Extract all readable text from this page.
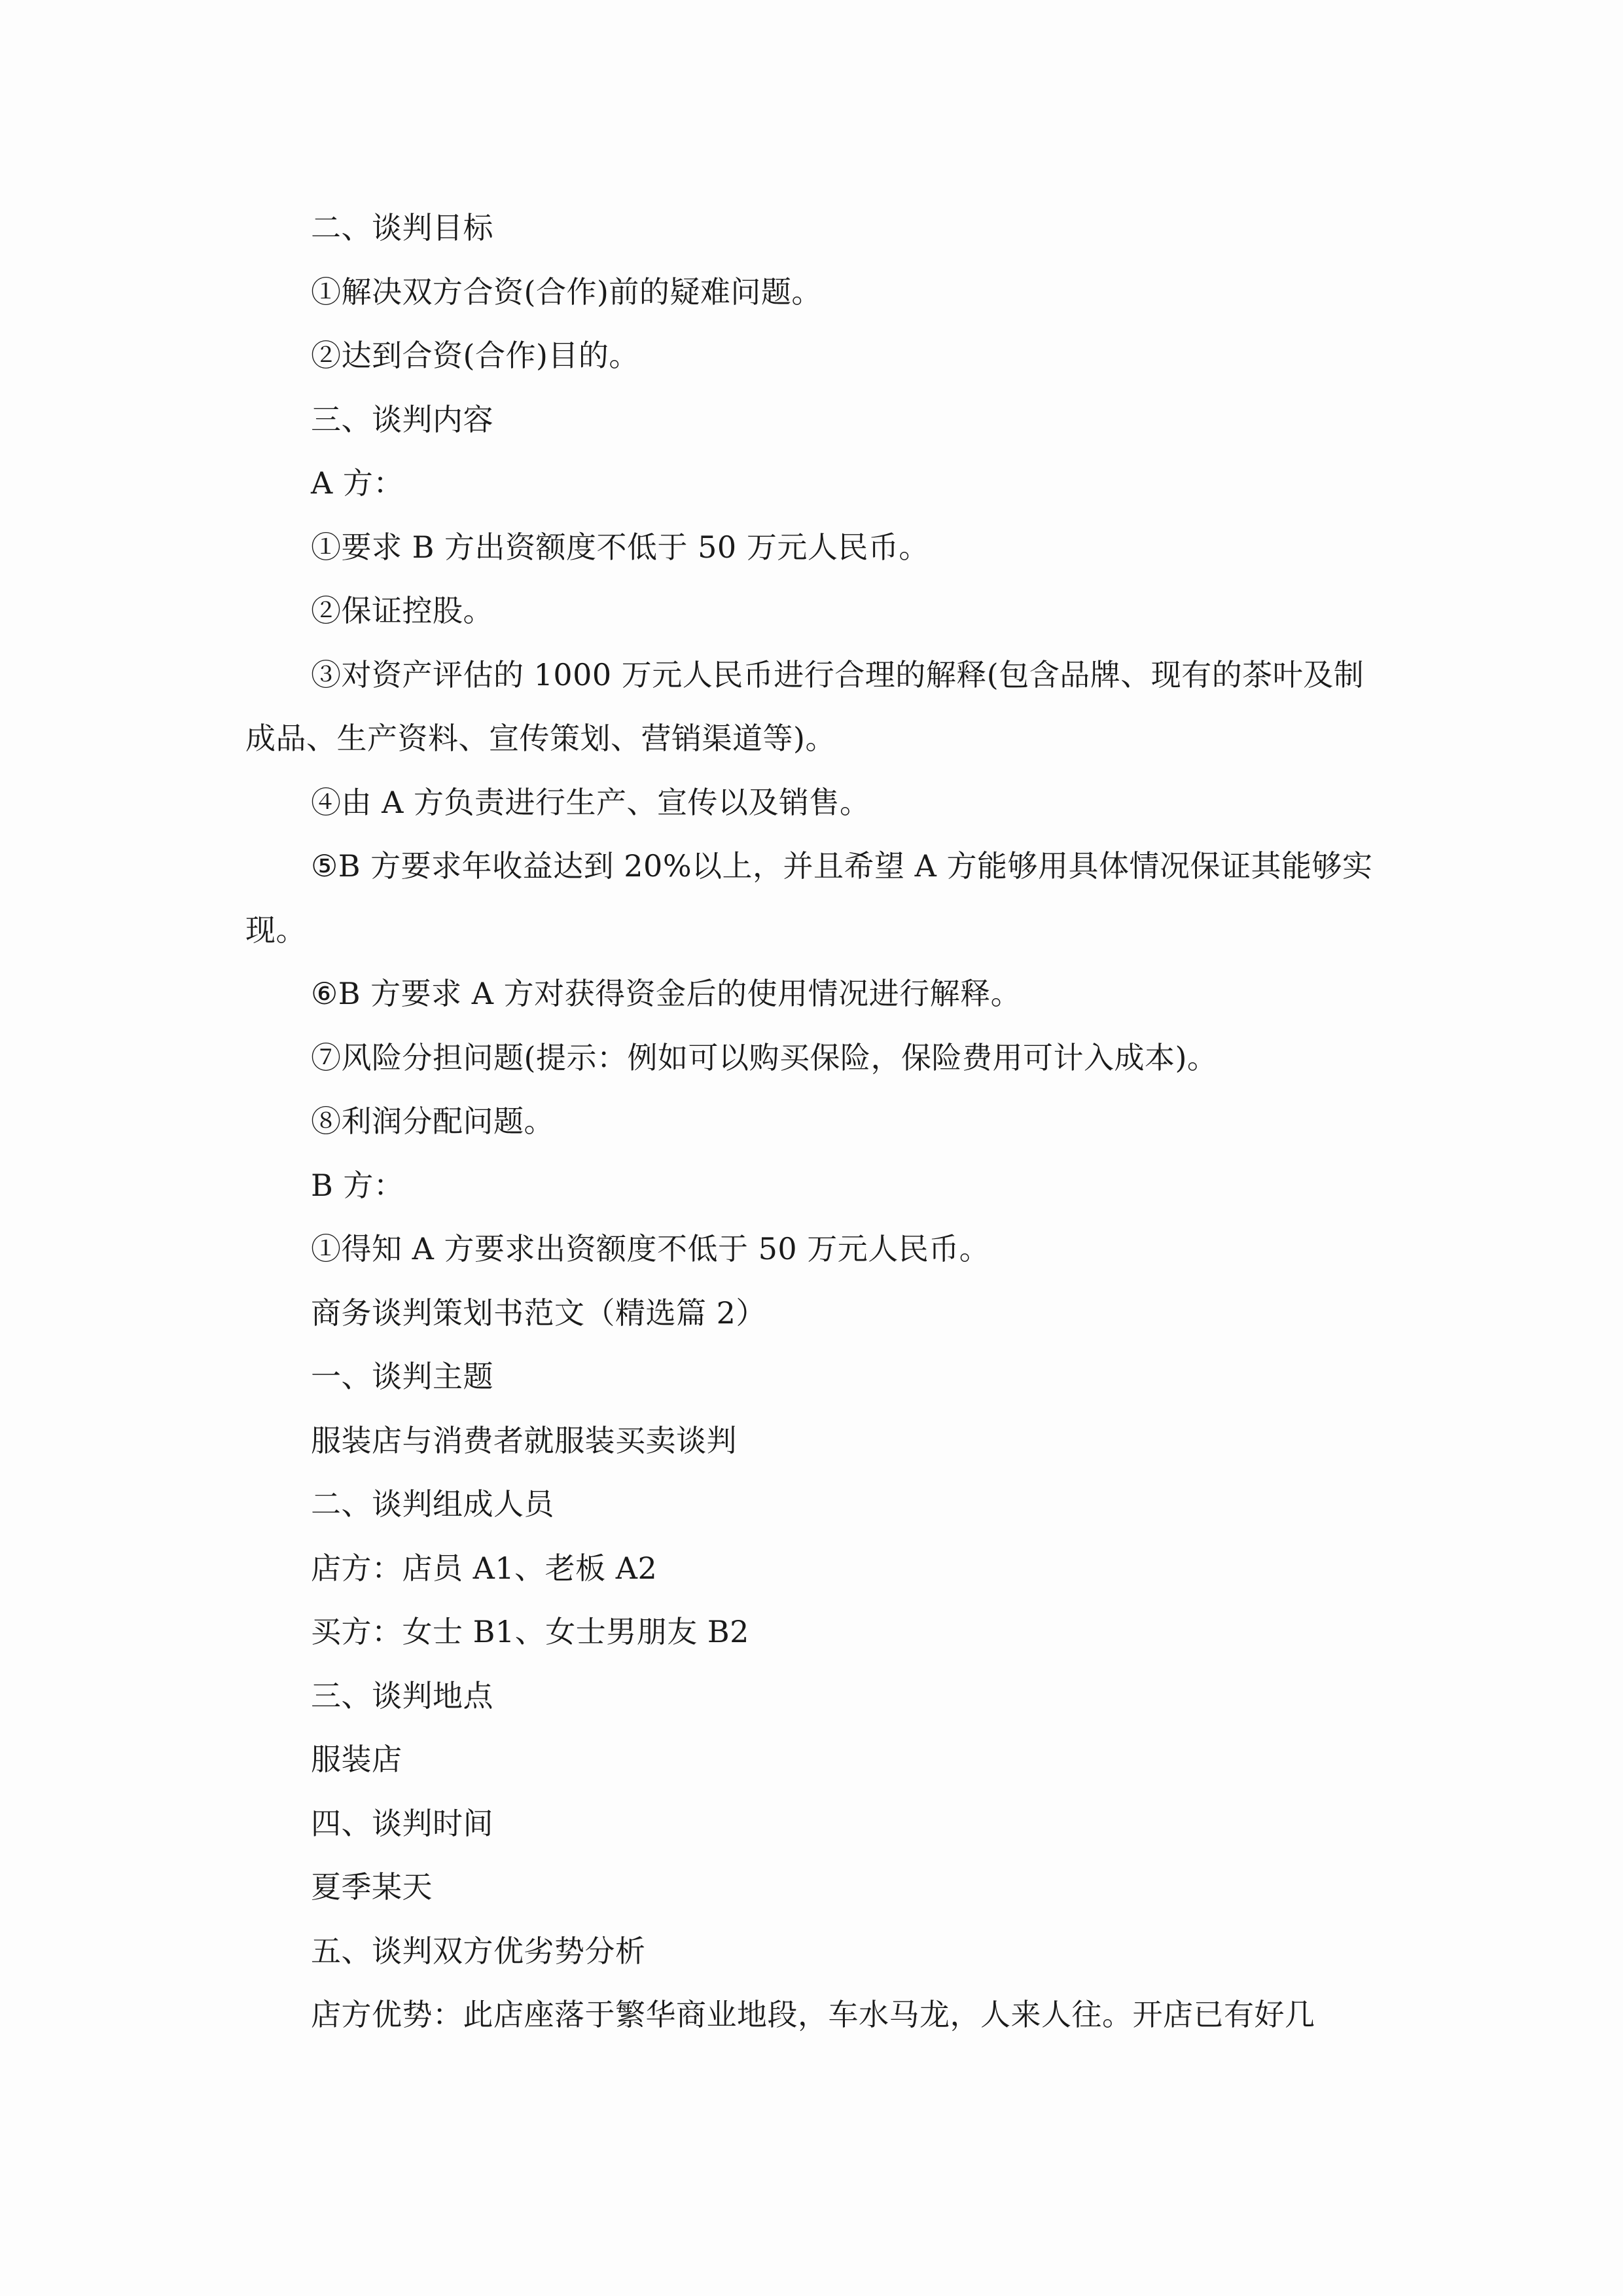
二、谈判目标

①解决双方合资(合作)前的疑难问题。

②达到合资(合作)目的。

三、谈判内容

A 方：

①要求 B 方出资额度不低于 50 万元人民币。

②保证控股。

③对资产评估的 1000 万元人民币进行合理的解释(包含品牌、现有的茶叶及制成品、生产资料、宣传策划、营销渠道等)。

④由 A 方负责进行生产、宣传以及销售。

⑤B 方要求年收益达到 20%以上，并且希望 A 方能够用具体情况保证其能够实现。

⑥B 方要求 A 方对获得资金后的使用情况进行解释。

⑦风险分担问题(提示：例如可以购买保险，保险费用可计入成本)。

⑧利润分配问题。

B 方：

①得知 A 方要求出资额度不低于 50 万元人民币。

商务谈判策划书范文（精选篇 2）

一、谈判主题

服装店与消费者就服装买卖谈判

二、谈判组成人员

店方：店员 A1、老板 A2

买方：女士 B1、女士男朋友 B2

三、谈判地点

服装店

四、谈判时间

夏季某天

五、谈判双方优劣势分析

店方优势：此店座落于繁华商业地段，车水马龙，人来人往。开店已有好几
